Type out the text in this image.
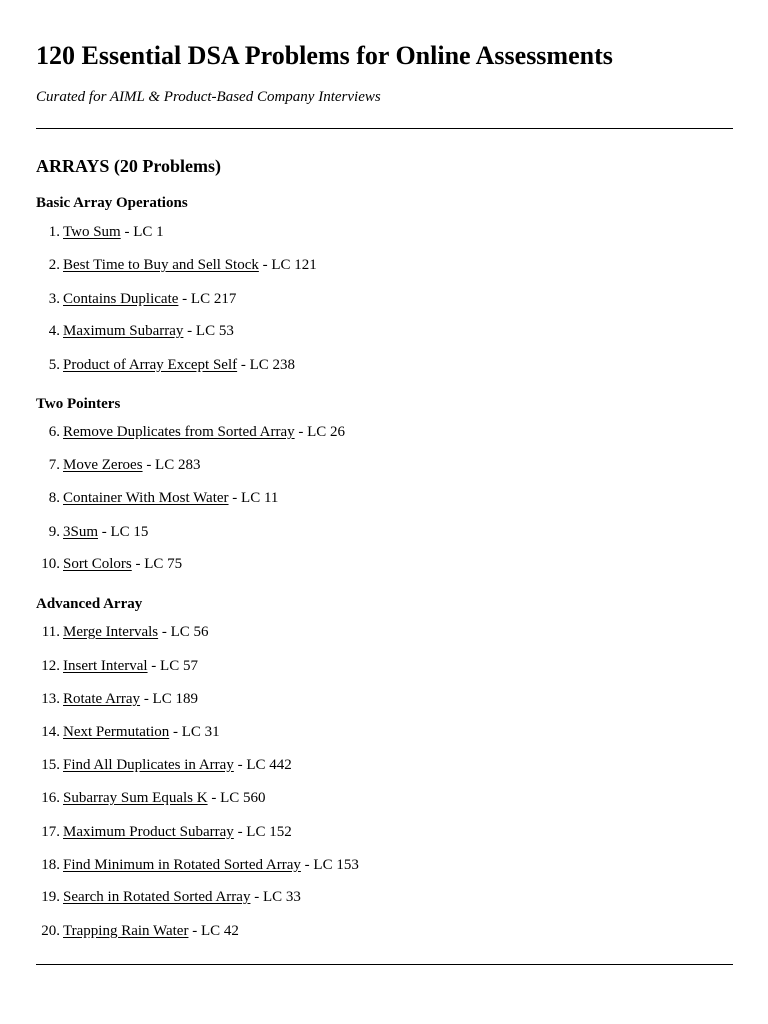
120 Essential DSA Problems for Online Assessments

Curated for AIML & Product-Based Company Interviews

ARRAYS (20 Problems)
Basic Array Operations
1. Two Sum - LC 1
2. Best Time to Buy and Sell Stock - LC 121
3. Contains Duplicate - LC 217
4. Maximum Subarray - LC 53
5. Product of Array Except Self - LC 238
Two Pointers
6. Remove Duplicates from Sorted Array - LC 26
7. Move Zeroes - LC 283
8. Container With Most Water - LC 11
9. 3Sum - LC 15
10. Sort Colors - LC 75
Advanced Array
11. Merge Intervals - LC 56
12. Insert Interval - LC 57
13. Rotate Array - LC 189
14. Next Permutation - LC 31
15. Find All Duplicates in Array - LC 442
16. Subarray Sum Equals K - LC 560
17. Maximum Product Subarray - LC 152
18. Find Minimum in Rotated Sorted Array - LC 153
19. Search in Rotated Sorted Array - LC 33
20. Trapping Rain Water - LC 42
